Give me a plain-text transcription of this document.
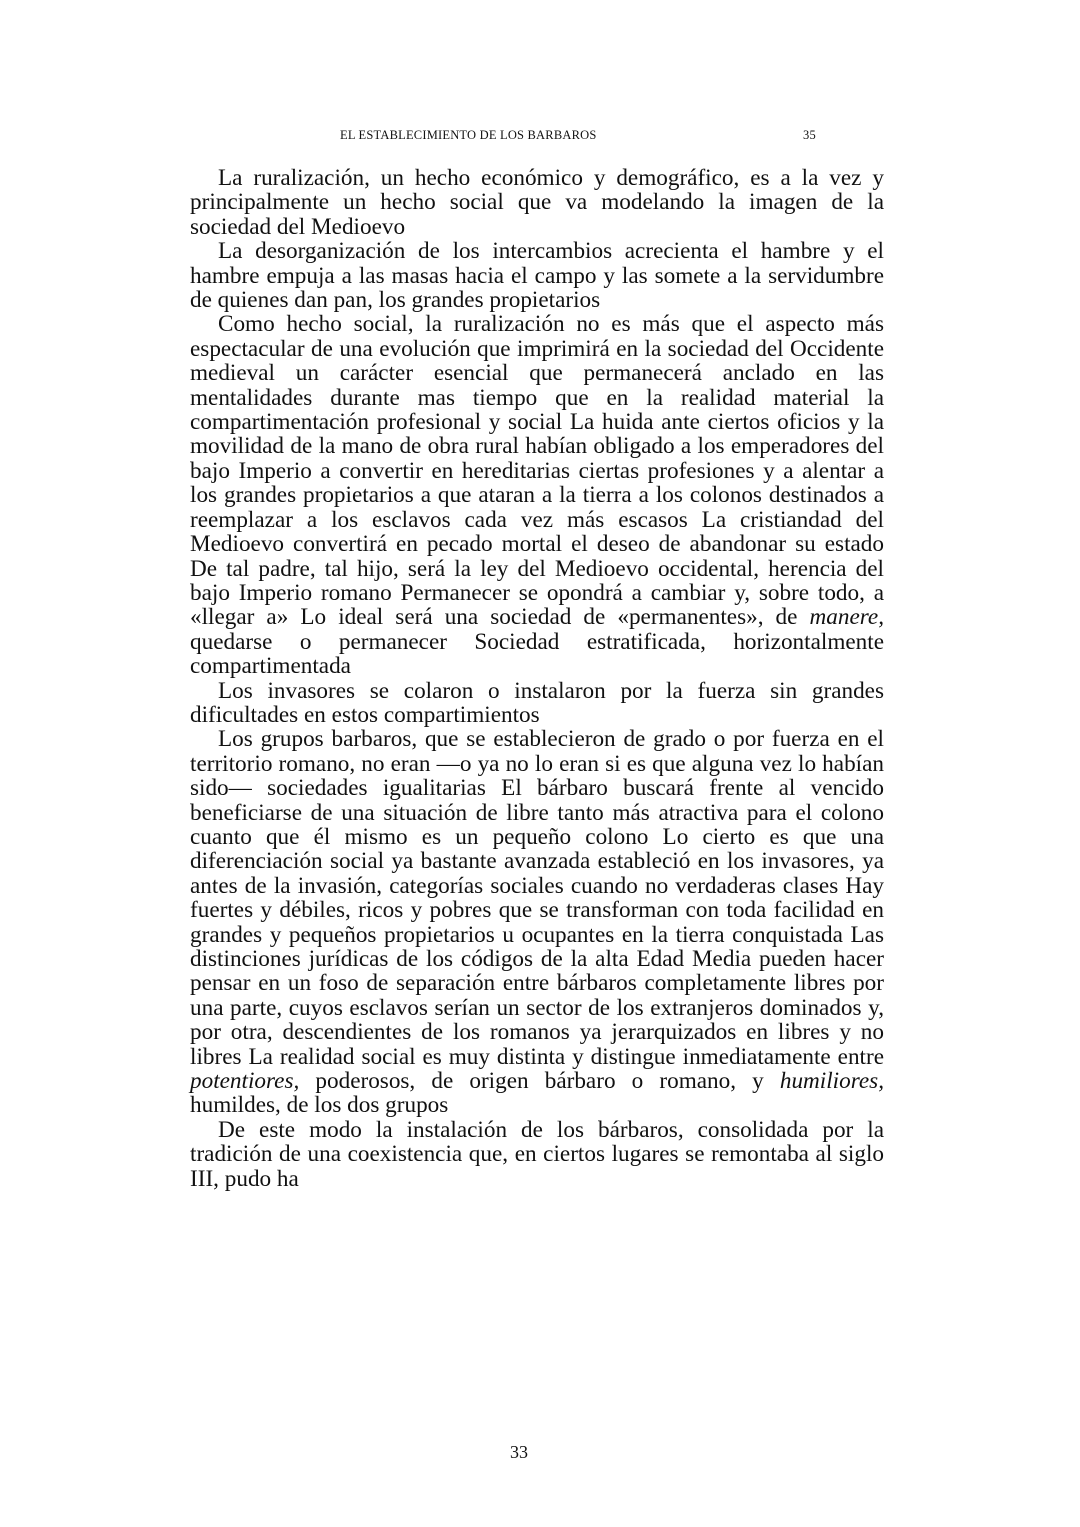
EL ESTABLECIMIENTO DE LOS BARBAROS	35

La ruralización, un hecho económico y demográfico, es a la vez y principalmente un hecho social que va modelando la imagen de la sociedad del Medioevo

La desorganización de los intercambios acrecienta el hambre y el hambre empuja a las masas hacia el campo y las somete a la servidumbre de quienes dan pan, los grandes propietarios

Como hecho social, la ruralización no es más que el aspecto más espectacular de una evolución que imprimirá en la sociedad del Occidente medieval un carácter esencial que permanecerá anclado en las mentalidades durante mas tiempo que en la realidad material la compartimentación profesional y social La huida ante ciertos oficios y la movilidad de la mano de obra rural habían obligado a los emperadores del bajo Imperio a convertir en hereditarias ciertas profesiones y a alentar a los grandes propietarios a que ataran a la tierra a los colonos destinados a reemplazar a los esclavos cada vez más escasos La cristiandad del Medioevo convertirá en pecado mortal el deseo de abandonar su estado De tal padre, tal hijo, será la ley del Medioevo occidental, herencia del bajo Imperio romano Permanecer se opondrá a cambiar y, sobre todo, a «llegar a» Lo ideal será una sociedad de «permanentes», de manere, quedarse o permanecer Sociedad estratificada, horizontalmente compartimentada

Los invasores se colaron o instalaron por la fuerza sin grandes dificultades en estos compartimientos

Los grupos barbaros, que se establecieron de grado o por fuerza en el territorio romano, no eran —o ya no lo eran si es que alguna vez lo habían sido— sociedades igualitarias El bárbaro buscará frente al vencido beneficiarse de una situación de libre tanto más atractiva para el colono cuanto que él mismo es un pequeño colono Lo cierto es que una diferenciación social ya bastante avanzada estableció en los invasores, ya antes de la invasión, categorías sociales cuando no verdaderas clases Hay fuertes y débiles, ricos y pobres que se transforman con toda facilidad en grandes y pequeños propietarios u ocupantes en la tierra conquistada Las distinciones jurídicas de los códigos de la alta Edad Media pueden hacer pensar en un foso de separación entre bárbaros completamente libres por una parte, cuyos esclavos serían un sector de los extranjeros dominados y, por otra, descendientes de los romanos ya jerarquizados en libres y no libres La realidad social es muy distinta y distingue inmediatamente entre potentiores, poderosos, de origen bárbaro o romano, y humiliores, humildes, de los dos grupos

De este modo la instalación de los bárbaros, consolidada por la tradición de una coexistencia que, en ciertos lugares se remontaba al siglo III, pudo ha

33
